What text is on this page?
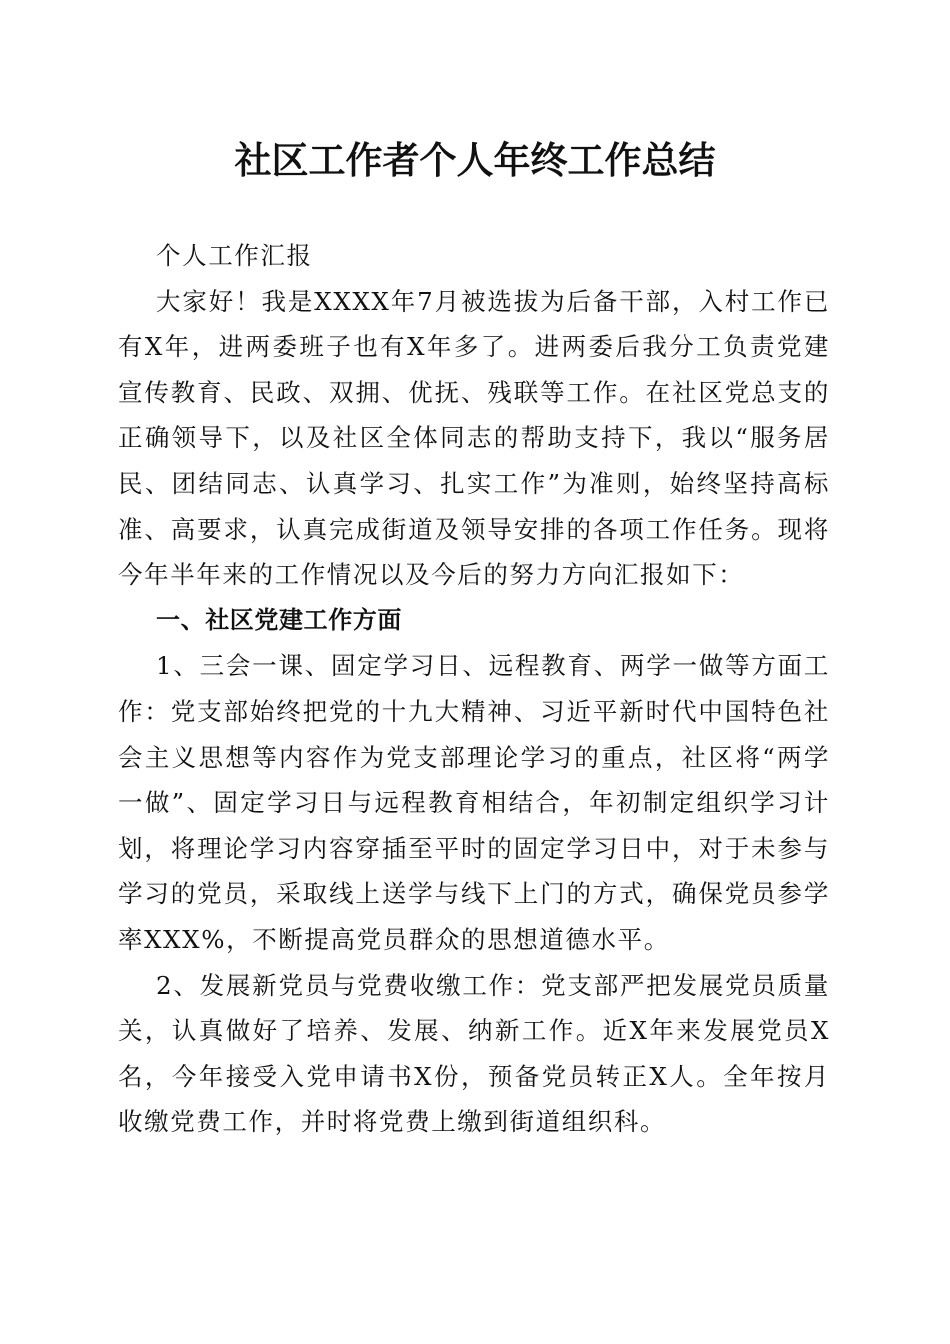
社区工作者个人年终工作总结
个人工作汇报
大家好！我是XXXX年7月被选拔为后备干部，入村工作已
有X年，进两委班子也有X年多了。进两委后我分工负责党建
宣传教育、民政、双拥、优抚、残联等工作。在社区党总支的
正确领导下，以及社区全体同志的帮助支持下，我以“服务居
民、团结同志、认真学习、扎实工作”为准则，始终坚持高标
准、高要求，认真完成街道及领导安排的各项工作任务。现将
今年半年来的工作情况以及今后的努力方向汇报如下：
一、社区党建工作方面
1、三会一课、固定学习日、远程教育、两学一做等方面工
作：党支部始终把党的十九大精神、习近平新时代中国特色社
会主义思想等内容作为党支部理论学习的重点，社区将“两学
一做”、固定学习日与远程教育相结合，年初制定组织学习计
划，将理论学习内容穿插至平时的固定学习日中，对于未参与
学习的党员，采取线上送学与线下上门的方式，确保党员参学
率XXX%，不断提高党员群众的思想道德水平。
2、发展新党员与党费收缴工作：党支部严把发展党员质量
关，认真做好了培养、发展、纳新工作。近X年来发展党员X
名，今年接受入党申请书X份，预备党员转正X人。全年按月
收缴党费工作，并时将党费上缴到街道组织科。
